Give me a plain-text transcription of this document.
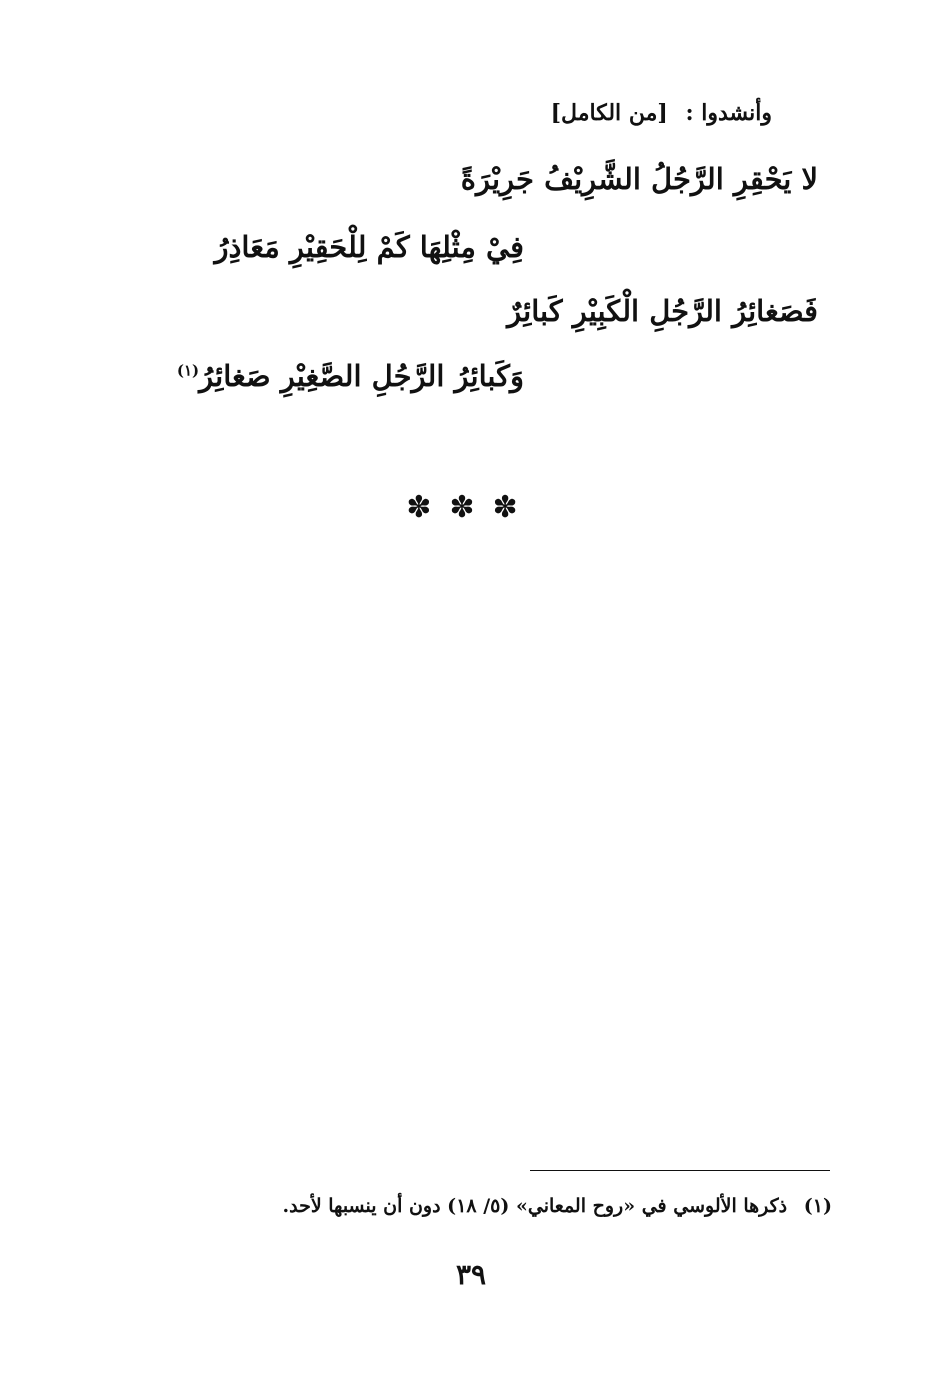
وأنشدوا : [من الكامل]
لا يَحْقِرِ الرَّجُلُ الشَّرِيْفُ جَرِيْرَةً
فِيْ مِثْلِهَا كَمْ لِلْحَقِيْرِ مَعَاذِرُ
فَصَغائِرُ الرَّجُلِ الْكَبِيْرِ كَبائِرٌ
وَكَبائِرُ الرَّجُلِ الصَّغِيْرِ صَغائِرُ$^{(١)}$
✽✽✽
(١) ذكرها الألوسي في «روح المعاني» (٥/ ١٨) دون أن ينسبها لأحد.
٣٩
